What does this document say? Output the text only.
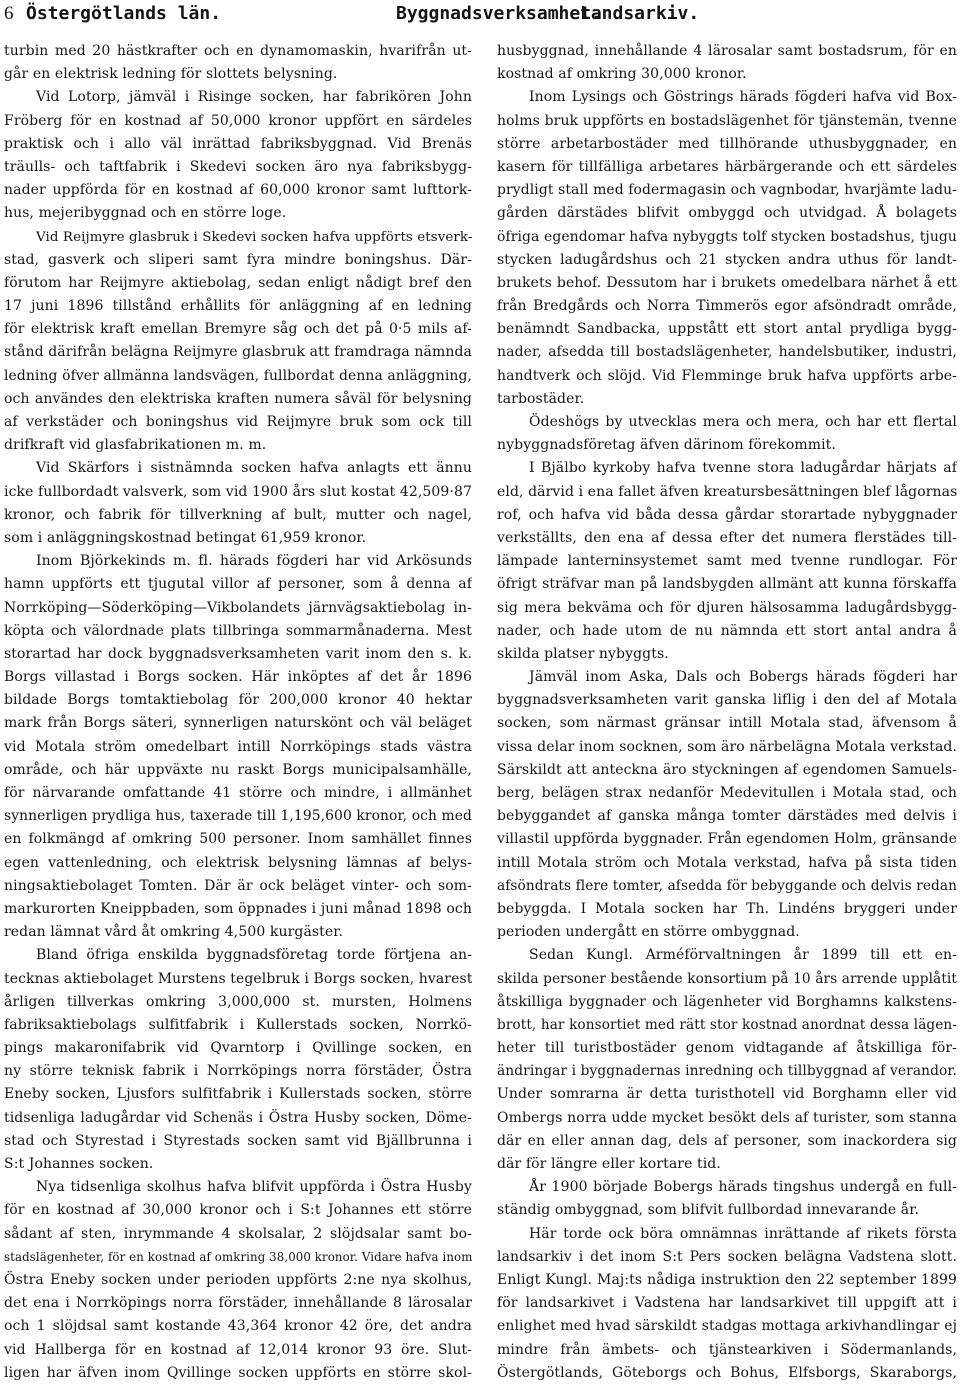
6 Östergötlands län.	Byggnadsverksamhet.
Landsarkiv.
turbin med 20 hästkrafter och en dynamomaskin, hvarifrån ut-
går en elektrisk ledning för slottets belysning.
Vid Lotorp, jämväl i Risinge socken, har fabrikören John
Fröberg för en kostnad af 50,000 kronor uppfört en särdeles
praktisk och i allo väl inrättad fabriksbyggnad. Vid Brenäs
träulls- och taftfabrik i Skedevi socken äro nya fabriksbygg-
nader uppförda för en kostnad af 60,000 kronor samt lufttork-
hus, mejeribyggnad och en större loge.
Vid Reijmyre glasbruk i Skedevi socken hafva uppförts etsverk-
stad, gasverk och sliperi samt fyra mindre boningshus. Där-
förutom har Reijmyre aktiebolag, sedan enligt nådigt bref den
17 juni 1896 tillstånd erhållits för anläggning af en ledning
för elektrisk kraft emellan Bremyre såg och det på 0·5 mils af-
stånd därifrån belägna Reijmyre glasbruk att framdraga nämnda
ledning öfver allmänna landsvägen, fullbordat denna anläggning,
och användes den elektriska kraften numera såväl för belysning
af verkstäder och boningshus vid Reijmyre bruk som ock till
drifkraft vid glasfabrikationen m. m.
Vid Skärfors i sistnämnda socken hafva anlagts ett ännu
icke fullbordadt valsverk, som vid 1900 års slut kostat 42,509·87
kronor, och fabrik för tillverkning af bult, mutter och nagel,
som i anläggningskostnad betingat 61,959 kronor.
Inom Björkekinds m. fl. härads fögderi har vid Arkösunds
hamn uppförts ett tjugutal villor af personer, som å denna af
Norrköping—Söderköping—Vikbolandets järnvägsaktiebolag in-
köpta och välordnade plats tillbringa sommarmånaderna. Mest
storartad har dock byggnadsverksamheten varit inom den s. k.
Borgs villastad i Borgs socken. Här inköptes af det år 1896
bildade Borgs tomtaktiebolag för 200,000 kronor 40 hektar
mark från Borgs säteri, synnerligen naturskönt och väl beläget
vid Motala ström omedelbart intill Norrköpings stads västra
område, och här uppväxte nu raskt Borgs municipalsamhälle,
för närvarande omfattande 41 större och mindre, i allmänhet
synnerligen prydliga hus, taxerade till 1,195,600 kronor, och med
en folkmängd af omkring 500 personer. Inom samhället finnes
egen vattenledning, och elektrisk belysning lämnas af belys-
ningsaktiebolaget Tomten. Där är ock beläget vinter- och som-
markurorten Kneippbaden, som öppnades i juni månad 1898 och
redan lämnat vård åt omkring 4,500 kurgäster.
Bland öfriga enskilda byggnadsföretag torde förtjena an-
tecknas aktiebolaget Murstens tegelbruk i Borgs socken, hvarest
årligen tillverkas omkring 3,000,000 st. mursten, Holmens
fabriksaktiebolags sulfitfabrik i Kullerstads socken, Norrkö-
pings makaronifabrik vid Qvarntorp i Qvillinge socken, en
ny större teknisk fabrik i Norrköpings norra förstäder, Östra
Eneby socken, Ljusfors sulfitfabrik i Kullerstads socken, större
tidsenliga ladugårdar vid Schenäs i Östra Husby socken, Döme-
stad och Styrestad i Styrestads socken samt vid Bjällbrunna i
S:t Johannes socken.
Nya tidsenliga skolhus hafva blifvit uppförda i Östra Husby
för en kostnad af 30,000 kronor och i S:t Johannes ett större
sådant af sten, inrymmande 4 skolsalar, 2 slöjdsalar samt bo-
stadslägenheter, för en kostnad af omkring 38,000 kronor. Vidare hafva inom
Östra Eneby socken under perioden uppförts 2:ne nya skolhus,
det ena i Norrköpings norra förstäder, innehållande 8 lärosalar
och 1 slöjdsal samt kostande 43,364 kronor 42 öre, det andra
vid Hallberga för en kostnad af 12,014 kronor 93 öre. Slut-
ligen har äfven inom Qvillinge socken uppförts en större skol-
husbyggnad, innehållande 4 lärosalar samt bostadsrum, för en
kostnad af omkring 30,000 kronor.
Inom Lysings och Göstrings härads fögderi hafva vid Box-
holms bruk uppförts en bostadslägenhet för tjänstemän, tvenne
större arbetarbostäder med tillhörande uthusbyggnader, en
kasern för tillfälliga arbetares härbärgerande och ett särdeles
prydligt stall med fodermagasin och vagnbodar, hvarjämte ladu-
gården därstädes blifvit ombyggd och utvidgad. Å bolagets
öfriga egendomar hafva nybyggts tolf stycken bostadshus, tjugu
stycken ladugårdshus och 21 stycken andra uthus för landt-
brukets behof. Dessutom har i brukets omedelbara närhet å ett
från Bredgårds och Norra Timmerös egor afsöndradt område,
benämndt Sandbacka, uppstått ett stort antal prydliga bygg-
nader, afsedda till bostadslägenheter, handelsbutiker, industri,
handtverk och slöjd. Vid Flemminge bruk hafva uppförts arbe-
tarbostäder.
Ödeshögs by utvecklas mera och mera, och har ett flertal
nybyggnadsföretag äfven därinom förekommit.
I Bjälbo kyrkoby hafva tvenne stora ladugårdar härjats af
eld, därvid i ena fallet äfven kreatursbesättningen blef lågornas
rof, och hafva vid båda dessa gårdar storartade nybyggnader
verkställts, den ena af dessa efter det numera flerstädes till-
lämpade lanterninsystemet samt med tvenne rundlogar. För
öfrigt sträfvar man på landsbygden allmänt att kunna förskaffa
sig mera bekväma och för djuren hälsosamma ladugårdsbygg-
nader, och hade utom de nu nämnda ett stort antal andra å
skilda platser nybyggts.
Jämväl inom Aska, Dals och Bobergs härads fögderi har
byggnadsverksamheten varit ganska liflig i den del af Motala
socken, som närmast gränsar intill Motala stad, äfvensom å
vissa delar inom socknen, som äro närbelägna Motala verkstad.
Särskildt att anteckna äro styckningen af egendomen Samuels-
berg, belägen strax nedanför Medevitullen i Motala stad, och
bebyggandet af ganska många tomter därstädes med delvis i
villastil uppförda byggnader. Från egendomen Holm, gränsande
intill Motala ström och Motala verkstad, hafva på sista tiden
afsöndrats flere tomter, afsedda för bebyggande och delvis redan
bebyggda. I Motala socken har Th. Lindéns bryggeri under
perioden undergått en större ombyggnad.
Sedan Kungl. Arméförvaltningen år 1899 till ett en-
skilda personer bestående konsortium på 10 års arrende upplåtit
åtskilliga byggnader och lägenheter vid Borghamns kalkstens-
brott, har konsortiet med rätt stor kostnad anordnat dessa lägen-
heter till turistbostäder genom vidtagande af åtskilliga för-
ändringar i byggnadernas inredning och tillbyggnad af verandor.
Under somrarna är detta turisthotell vid Borghamn eller vid
Ombergs norra udde mycket besökt dels af turister, som stanna
där en eller annan dag, dels af personer, som inackordera sig
där för längre eller kortare tid.
År 1900 började Bobergs härads tingshus undergå en full-
ständig ombyggnad, som blifvit fullbordad innevarande år.
Här torde ock böra omnämnas inrättande af rikets första
landsarkiv i det inom S:t Pers socken belägna Vadstena slott.
Enligt Kungl. Maj:ts nådiga instruktion den 22 september 1899
för landsarkivet i Vadstena har landsarkivet till uppgift att i
enlighet med hvad särskildt stadgas mottaga arkivhandlingar ej
mindre från ämbets- och tjänstearkiven i Södermanlands,
Östergötlands, Göteborgs och Bohus, Elfsborgs, Skaraborgs,
